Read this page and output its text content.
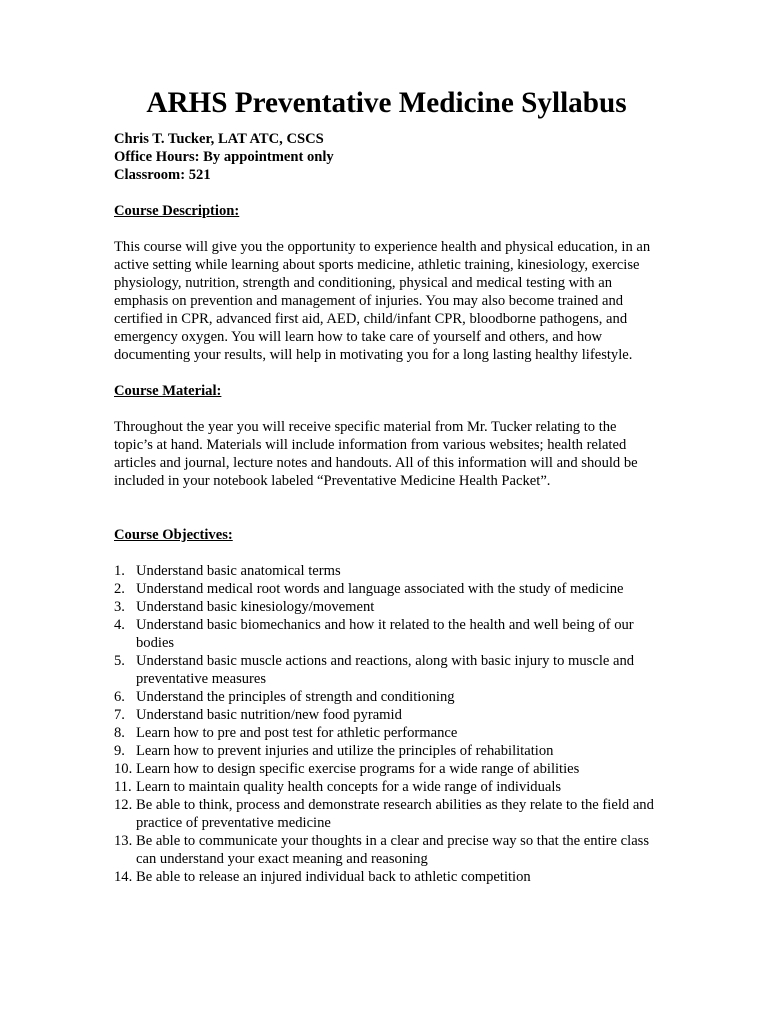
ARHS Preventative Medicine Syllabus
Chris T. Tucker, LAT ATC, CSCS
Office Hours: By appointment only
Classroom: 521
Course Description:

This course will give you the opportunity to experience health and physical education, in an active setting while learning about sports medicine, athletic training, kinesiology, exercise physiology, nutrition, strength and conditioning, physical and medical testing with an emphasis on prevention and management of injuries. You may also become trained and certified in CPR, advanced first aid, AED, child/infant CPR, bloodborne pathogens, and emergency oxygen. You will learn how to take care of yourself and others, and how documenting your results, will help in motivating you for a long lasting healthy lifestyle.

Course Material:

Throughout the year you will receive specific material from Mr. Tucker relating to the topic’s at hand. Materials will include information from various websites; health related articles and journal, lecture notes and handouts. All of this information will and should be included in your notebook labeled “Preventative Medicine Health Packet”.

Course Objectives:
1. Understand basic anatomical terms
2. Understand medical root words and language associated with the study of medicine
3. Understand basic kinesiology/movement
4. Understand basic biomechanics and how it related to the health and well being of our bodies
5. Understand basic muscle actions and reactions, along with basic injury to muscle and preventative measures
6. Understand the principles of strength and conditioning
7. Understand basic nutrition/new food pyramid
8. Learn how to pre and post test for athletic performance
9. Learn how to prevent injuries and utilize the principles of rehabilitation
10. Learn how to design specific exercise programs for a wide range of abilities
11. Learn to maintain quality health concepts for a wide range of individuals
12. Be able to think, process and demonstrate research abilities as they relate to the field and practice of preventative medicine
13. Be able to communicate your thoughts in a clear and precise way so that the entire class can understand your exact meaning and reasoning
14. Be able to release an injured individual back to athletic competition
